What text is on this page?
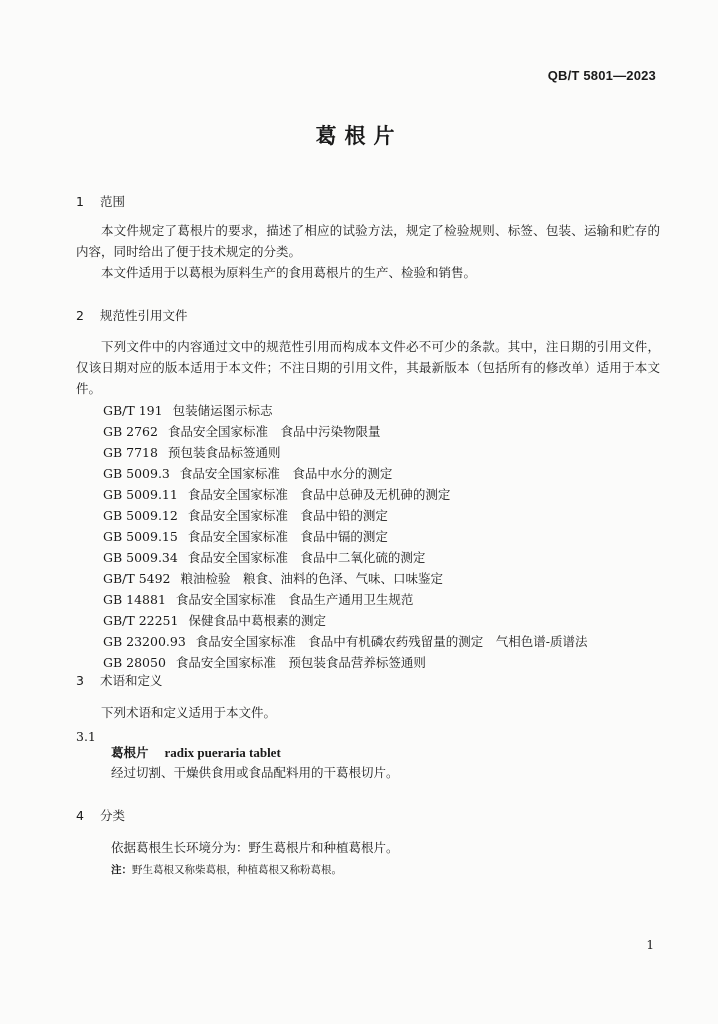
QB/T 5801—2023
葛根片
1 范围
本文件规定了葛根片的要求，描述了相应的试验方法，规定了检验规则、标签、包装、运输和贮存的内容，同时给出了便于技术规定的分类。
本文件适用于以葛根为原料生产的食用葛根片的生产、检验和销售。
2 规范性引用文件
下列文件中的内容通过文中的规范性引用而构成本文件必不可少的条款。其中，注日期的引用文件，仅该日期对应的版本适用于本文件；不注日期的引用文件，其最新版本（包括所有的修改单）适用于本文件。
GB/T 191 包装储运图示标志
GB 2762 食品安全国家标准　食品中污染物限量
GB 7718 预包装食品标签通则
GB 5009.3 食品安全国家标准　食品中水分的测定
GB 5009.11 食品安全国家标准　食品中总砷及无机砷的测定
GB 5009.12 食品安全国家标准　食品中铅的测定
GB 5009.15 食品安全国家标准　食品中镉的测定
GB 5009.34 食品安全国家标准　食品中二氧化硫的测定
GB/T 5492 粮油检验　粮食、油料的色泽、气味、口味鉴定
GB 14881 食品安全国家标准　食品生产通用卫生规范
GB/T 22251 保健食品中葛根素的测定
GB 23200.93 食品安全国家标准　食品中有机磷农药残留量的测定　气相色谱-质谱法
GB 28050 食品安全国家标准　预包装食品营养标签通则
3 术语和定义
下列术语和定义适用于本文件。
3.1
葛根片 radix pueraria tablet
经过切割、干燥供食用或食品配料用的干葛根切片。
4 分类
依据葛根生长环境分为：野生葛根片和种植葛根片。
注：野生葛根又称柴葛根，种植葛根又称粉葛根。
1
